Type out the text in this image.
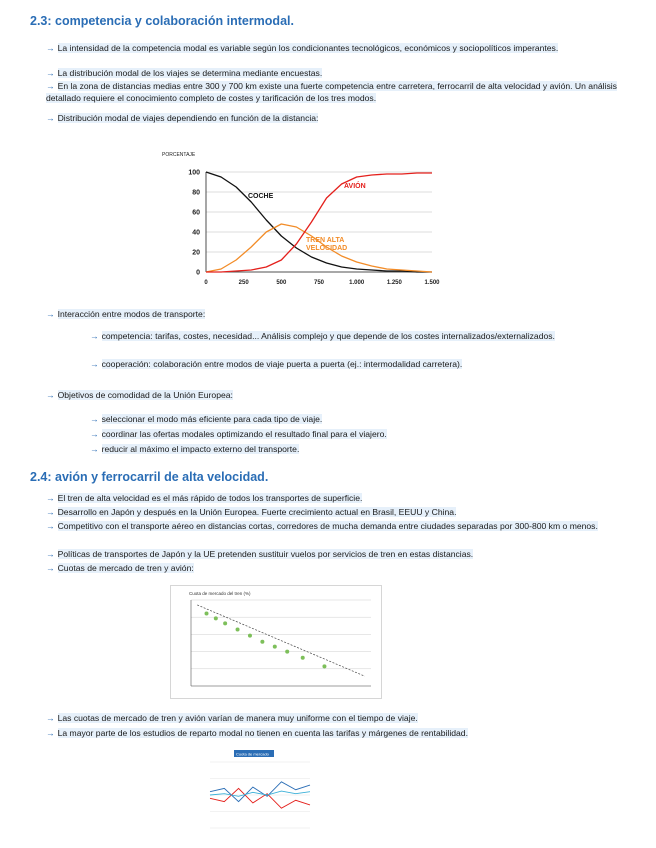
2.3: competencia y colaboración intermodal.

→ La intensidad de la competencia modal es variable según los condicionantes tecnológicos, económicos y sociopolíticos imperantes.

→ La distribución modal de los viajes se determina mediante encuestas.

→ En la zona de distancias medias entre 300 y 700 km existe una fuerte competencia entre carretera, ferrocarril de alta velocidad y avión. Un análisis detallado requiere el conocimiento completo de costes y tarificación de los tres modos.

→ Distribución modal de viajes dependiendo en función de la distancia:

PORCENTAJE
0
20
40
60
80
100
0	250	500	750	1.000	1.250	1.500
COCHE
AVIÓN
TREN ALTA VELOCIDAD

→ Interacción entre modos de transporte:

→ competencia: tarifas, costes, necesidad... Análisis complejo y que depende de los costes internalizados/externalizados.

→ cooperación: colaboración entre modos de viaje puerta a puerta (ej.: intermodalidad carretera).

→ Objetivos de comodidad de la Unión Europea:

→ seleccionar el modo más eficiente para cada tipo de viaje.

→ coordinar las ofertas modales optimizando el resultado final para el viajero.

→ reducir al máximo el impacto externo del transporte.

2.4: avión y ferrocarril de alta velocidad.

→ El tren de alta velocidad es el más rápido de todos los transportes de superficie.

→ Desarrollo en Japón y después en la Unión Europea. Fuerte crecimiento actual en Brasil, EEUU y China.

→ Competitivo con el transporte aéreo en distancias cortas, corredores de mucha demanda entre ciudades separadas por 300-800 km o menos.

→ Políticas de transportes de Japón y la UE pretenden sustituir vuelos por servicios de tren en estas distancias.

→ Cuotas de mercado de tren y avión:

Cuota de mercado del tren (%)

→ Las cuotas de mercado de tren y avión varían de manera muy uniforme con el tiempo de viaje.

→ La mayor parte de los estudios de reparto modal no tienen en cuenta las tarifas y márgenes de rentabilidad.

Cuota de mercado
